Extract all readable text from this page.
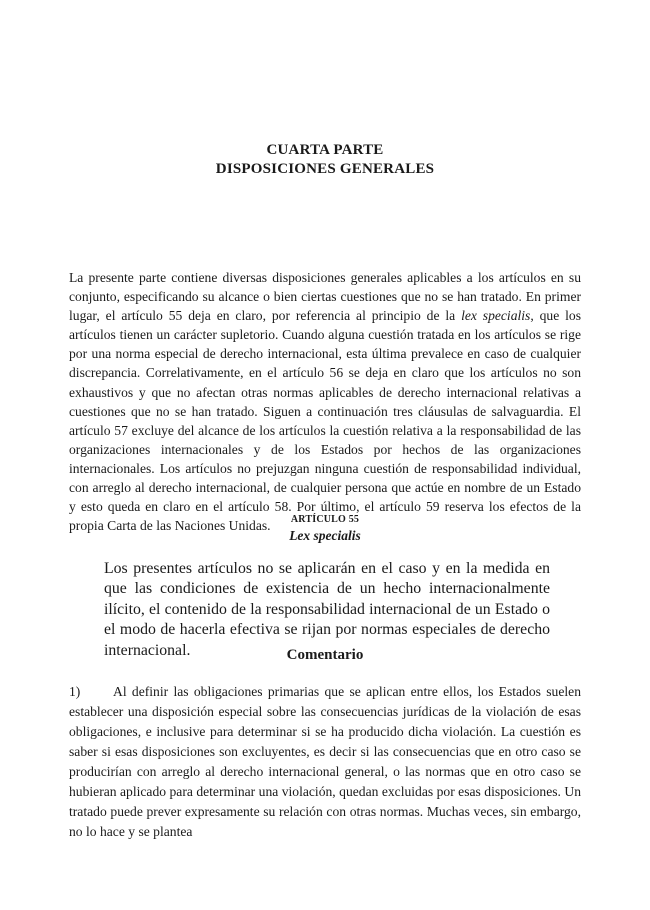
CUARTA PARTE
DISPOSICIONES GENERALES

La presente parte contiene diversas disposiciones generales aplicables a los artículos en su conjunto, especificando su alcance o bien ciertas cuestiones que no se han tratado. En primer lugar, el artículo 55 deja en claro, por referencia al principio de la lex specialis, que los artículos tienen un carácter supletorio. Cuando alguna cuestión tratada en los artículos se rige por una norma especial de derecho internacional, esta última prevalece en caso de cualquier discrepancia. Correlativamente, en el artículo 56 se deja en claro que los artículos no son exhaustivos y que no afectan otras normas aplicables de derecho internacional relativas a cuestiones que no se han tratado. Siguen a continuación tres cláusulas de salvaguardia. El artículo 57 excluye del alcance de los artículos la cuestión relativa a la responsabilidad de las organizaciones internacionales y de los Estados por hechos de las organizaciones internacionales. Los artículos no prejuzgan ninguna cuestión de responsabilidad individual, con arreglo al derecho internacional, de cualquier persona que actúe en nombre de un Estado y esto queda en claro en el artículo 58. Por último, el artículo 59 reserva los efectos de la propia Carta de las Naciones Unidas.	ARTÍCULO 55
Lex specialis

Los presentes artículos no se aplicarán en el caso y en la medida en que las condiciones de existencia de un hecho internacionalmente ilícito, el contenido de la responsabilidad internacional de un Estado o el modo de hacerla efectiva se rijan por normas especiales de derecho internacional.	Comentario

1) Al definir las obligaciones primarias que se aplican entre ellos, los Estados suelen establecer una disposición especial sobre las consecuencias jurídicas de la violación de esas obligaciones, e inclusive para determinar si se ha producido dicha violación. La cuestión es saber si esas disposiciones son excluyentes, es decir si las consecuencias que en otro caso se producirían con arreglo al derecho internacional general, o las normas que en otro caso se hubieran aplicado para determinar una violación, quedan excluidas por esas disposiciones. Un tratado puede prever expresamente su relación con otras normas. Muchas veces, sin embargo, no lo hace y se plantea
